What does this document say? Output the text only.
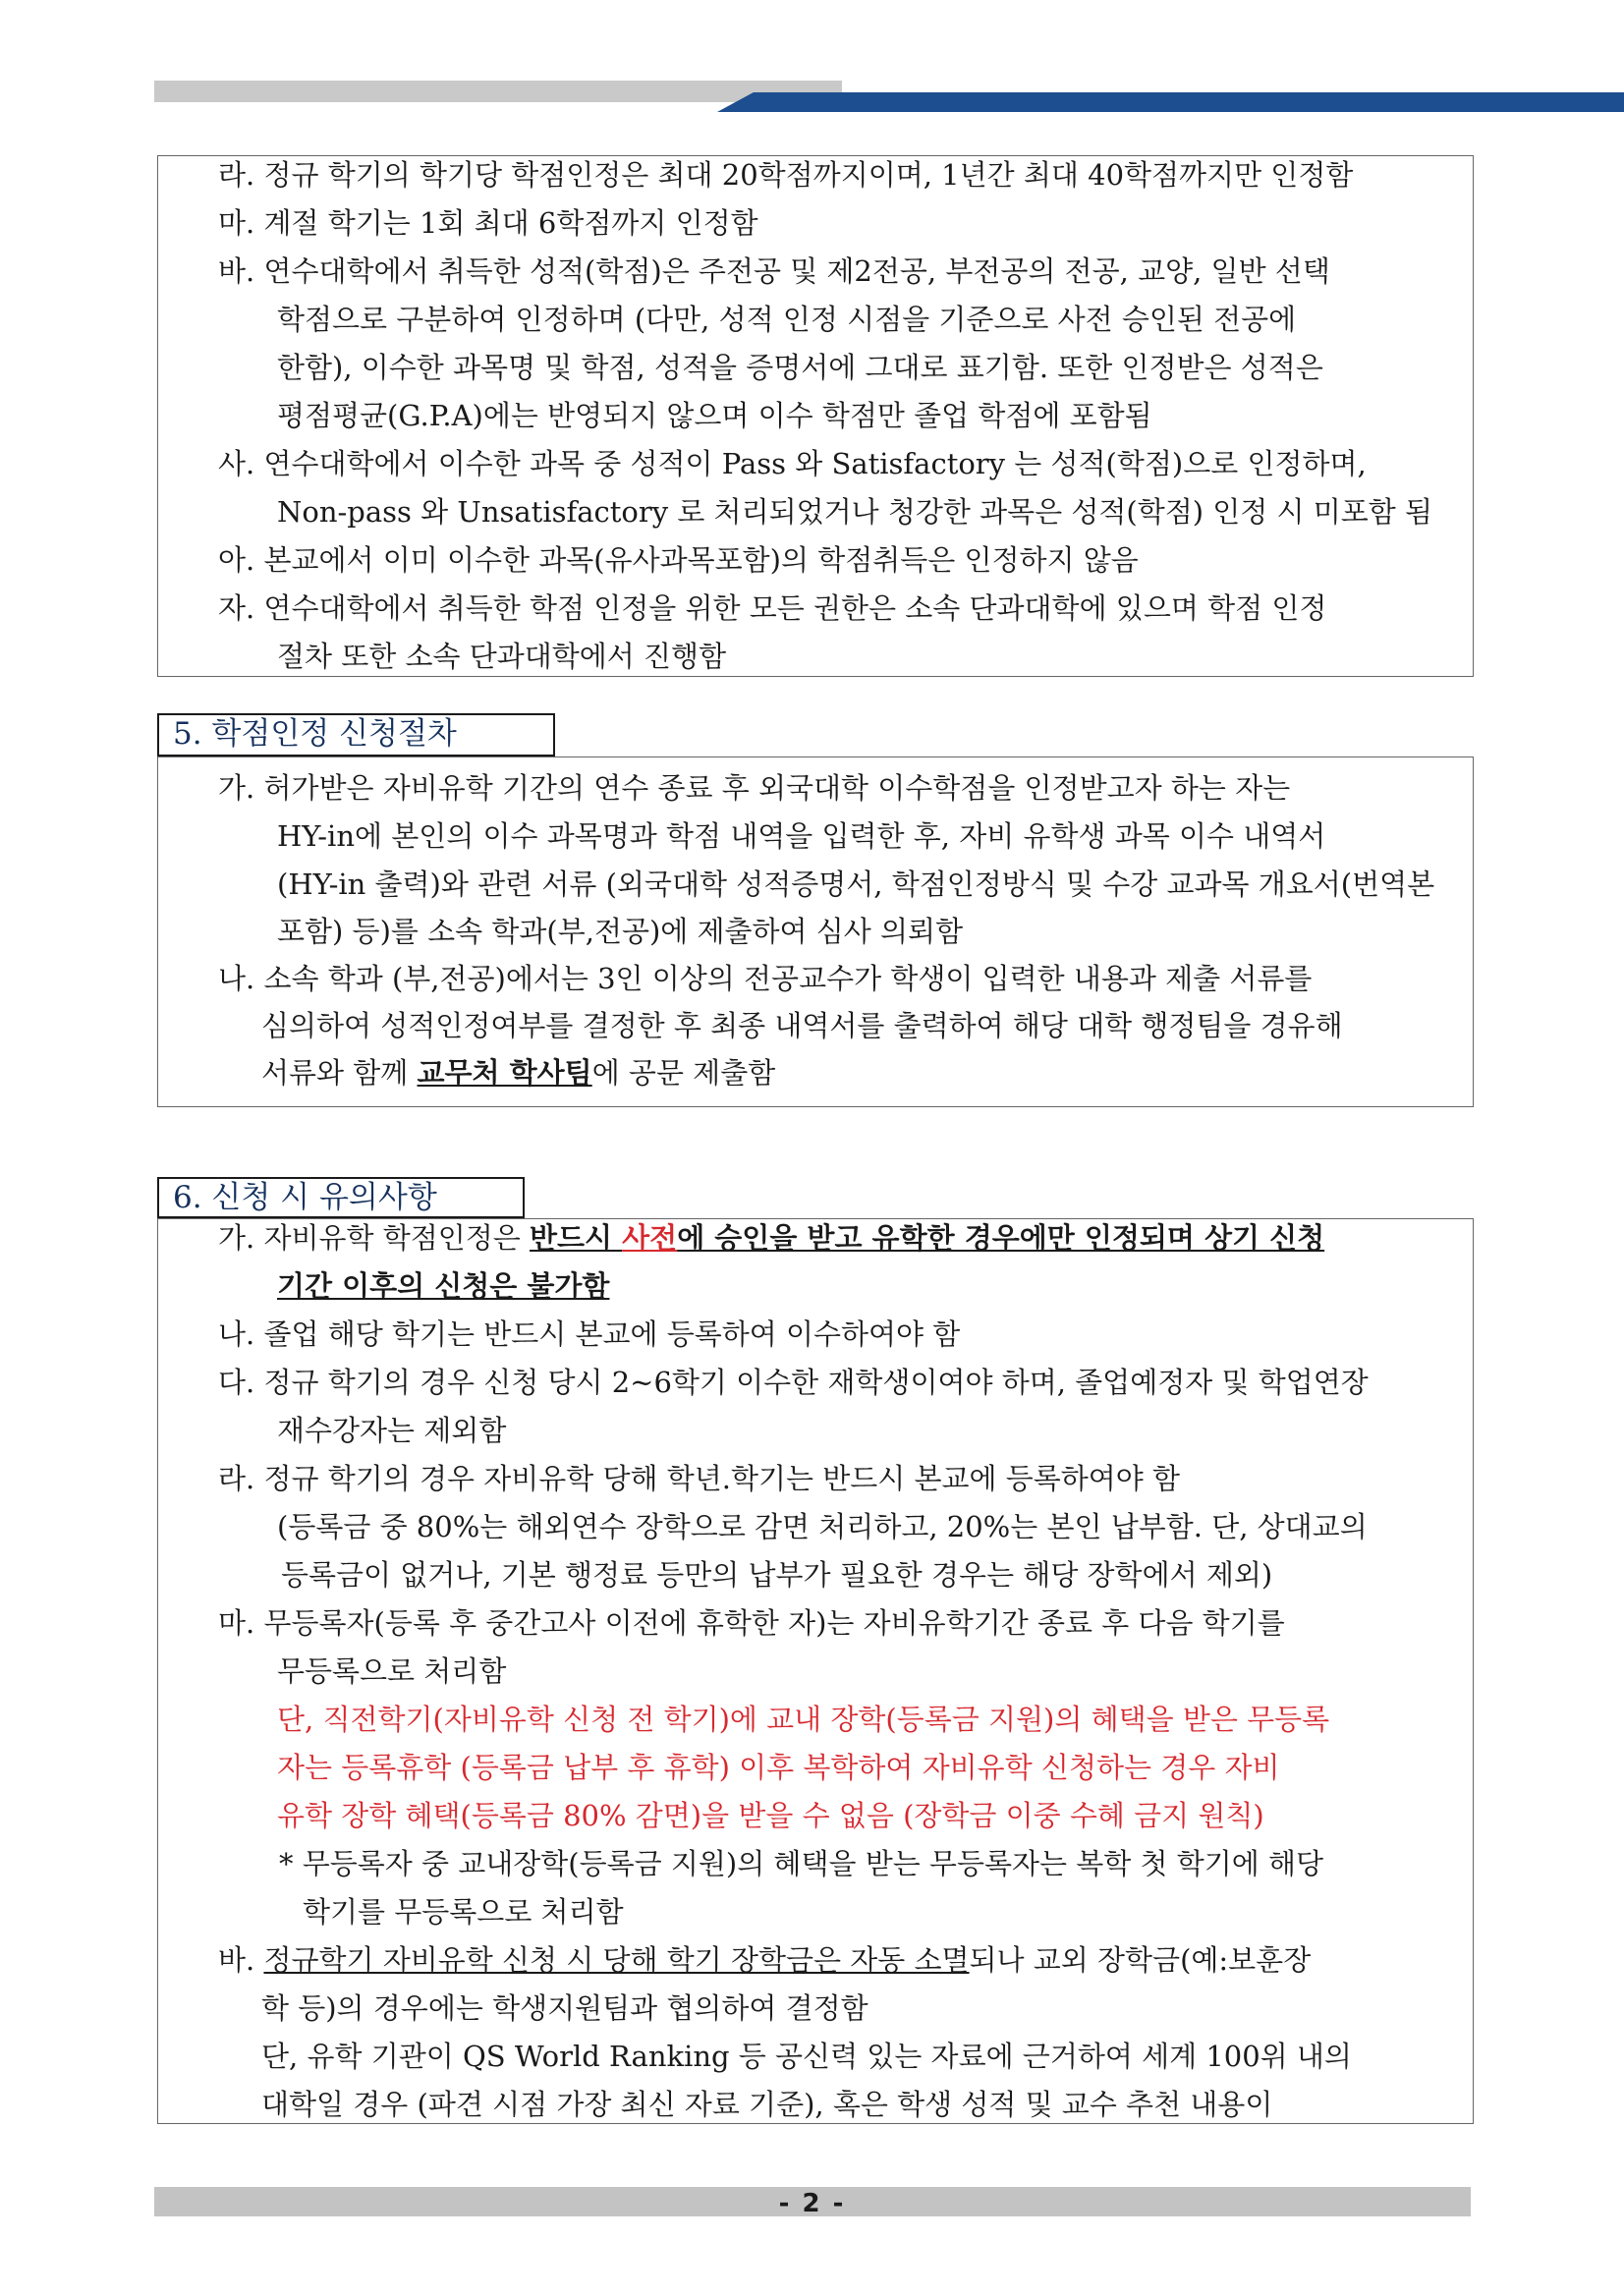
라. 정규 학기의 학기당 학점인정은 최대 20학점까지이며, 1년간 최대 40학점까지만 인정함
마. 계절 학기는 1회 최대 6학점까지 인정함
바. 연수대학에서 취득한 성적(학점)은 주전공 및 제2전공, 부전공의 전공, 교양, 일반 선택
학점으로 구분하여 인정하며 (다만, 성적 인정 시점을 기준으로 사전 승인된 전공에
한함), 이수한 과목명 및 학점, 성적을 증명서에 그대로 표기함. 또한 인정받은 성적은
평점평균(G.P.A)에는 반영되지 않으며 이수 학점만 졸업 학점에 포함됨
사. 연수대학에서 이수한 과목 중 성적이 Pass 와 Satisfactory 는 성적(학점)으로 인정하며,
Non-pass 와 Unsatisfactory 로 처리되었거나 청강한 과목은 성적(학점) 인정 시 미포함 됨
아. 본교에서 이미 이수한 과목(유사과목포함)의 학점취득은 인정하지 않음
자. 연수대학에서 취득한 학점 인정을 위한 모든 권한은 소속 단과대학에 있으며 학점 인정
절차 또한 소속 단과대학에서 진행함
5. 학점인정 신청절차
가. 허가받은 자비유학 기간의 연수 종료 후 외국대학 이수학점을 인정받고자 하는 자는
HY-in에 본인의 이수 과목명과 학점 내역을 입력한 후, 자비 유학생 과목 이수 내역서
(HY-in 출력)와 관련 서류 (외국대학 성적증명서, 학점인정방식 및 수강 교과목 개요서(번역본
포함) 등)를 소속 학과(부,전공)에 제출하여 심사 의뢰함
나. 소속 학과 (부,전공)에서는 3인 이상의 전공교수가 학생이 입력한 내용과 제출 서류를
심의하여 성적인정여부를 결정한 후 최종 내역서를 출력하여 해당 대학 행정팀을 경유해
서류와 함께 교무처 학사팀에 공문 제출함
6. 신청 시 유의사항
가. 자비유학 학점인정은 반드시 사전에 승인을 받고 유학한 경우에만 인정되며 상기 신청
기간 이후의 신청은 불가함
나. 졸업 해당 학기는 반드시 본교에 등록하여 이수하여야 함
다. 정규 학기의 경우 신청 당시 2~6학기 이수한 재학생이여야 하며, 졸업예정자 및 학업연장
재수강자는 제외함
라. 정규 학기의 경우 자비유학 당해 학년.학기는 반드시 본교에 등록하여야 함
(등록금 중 80%는 해외연수 장학으로 감면 처리하고, 20%는 본인 납부함. 단, 상대교의
등록금이 없거나, 기본 행정료 등만의 납부가 필요한 경우는 해당 장학에서 제외)
마. 무등록자(등록 후 중간고사 이전에 휴학한 자)는 자비유학기간 종료 후 다음 학기를
무등록으로 처리함
단, 직전학기(자비유학 신청 전 학기)에 교내 장학(등록금 지원)의 혜택을 받은 무등록
자는 등록휴학 (등록금 납부 후 휴학) 이후 복학하여 자비유학 신청하는 경우 자비
유학 장학 혜택(등록금 80% 감면)을 받을 수 없음 (장학금 이중 수혜 금지 원칙)
* 무등록자 중 교내장학(등록금 지원)의 혜택을 받는 무등록자는 복학 첫 학기에 해당
학기를 무등록으로 처리함
바. 정규학기 자비유학 신청 시 당해 학기 장학금은 자동 소멸되나 교외 장학금(예:보훈장
학 등)의 경우에는 학생지원팀과 협의하여 결정함
단, 유학 기관이 QS World Ranking 등 공신력 있는 자료에 근거하여 세계 100위 내의
대학일 경우 (파견 시점 가장 최신 자료 기준), 혹은 학생 성적 및 교수 추천 내용이
- 2 -
